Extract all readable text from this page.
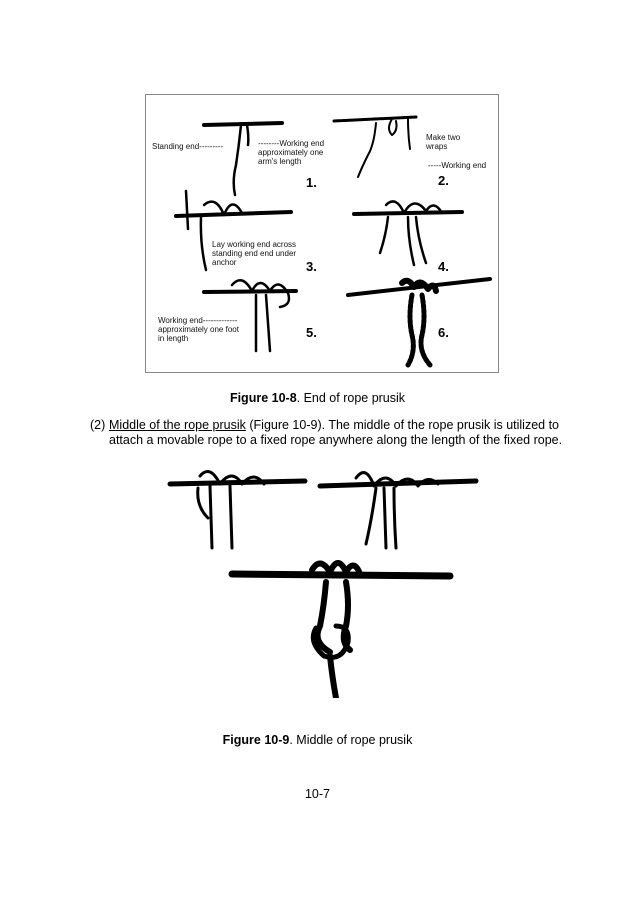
Standing end---------	--------Working end
approximately one
arm's length
1.
Make two
wraps
-----Working end
2.
Lay working end across
standing end end under
anchor	3.	4.
Working end-------------
approximately one foot
in length	5.	6.
Figure 10-8. End of rope prusik
(2) Middle of the rope prusik (Figure 10-9). The middle of the rope prusik is utilized to attach a movable rope to a fixed rope anywhere along the length of the fixed rope.
Figure 10-9. Middle of rope prusik
10-7
